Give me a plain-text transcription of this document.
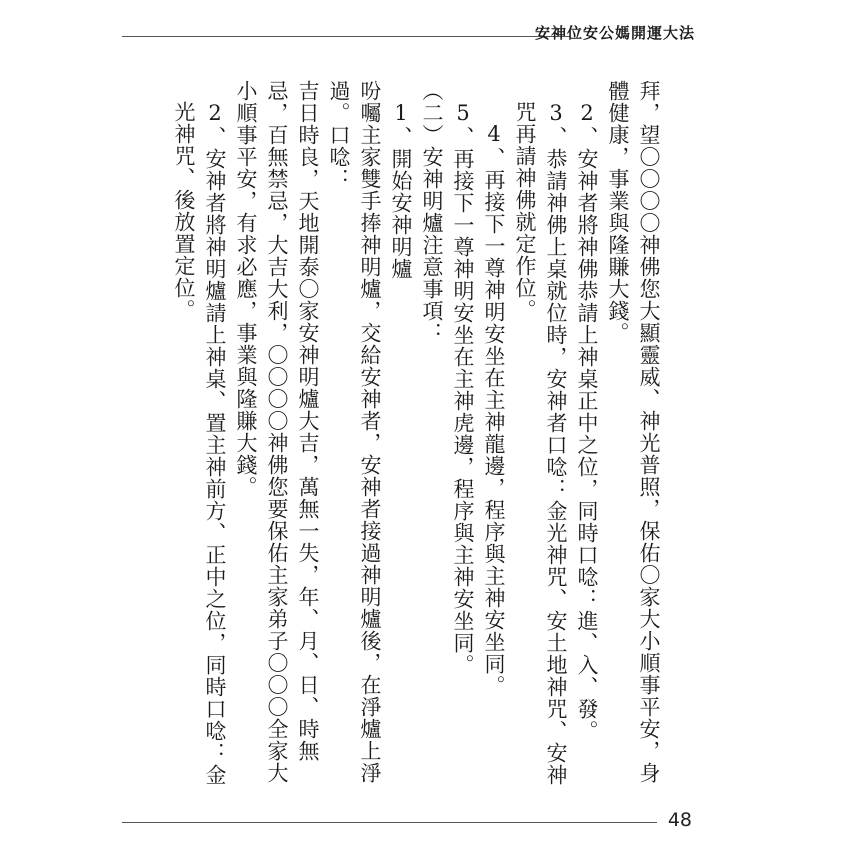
安神位安公媽開運大法

拜，望〇〇〇〇神佛您大顯靈威、神光普照，保佑〇家大小順事平安，身體健康，事業與隆賺大錢。

2、安神者將神佛恭請上神桌正中之位，同時口唸：進、入、發。

3、恭請神佛上桌就位時，安神者口唸：金光神咒、安土地神咒、安神咒再請神佛就定作位。

4、再接下一尊神明安坐在主神龍邊，程序與主神安坐同。

5、再接下一尊神明安坐在主神虎邊，程序與主神安坐同。

（二）安神明爐注意事項：

1、開始安神明爐

吩囑主家雙手捧神明爐，交給安神者，安神者接過神明爐後，在淨爐上淨過。口唸：

吉日時良，天地開泰〇家安神明爐大吉，萬無一失，年、月、日、時無忌，百無禁忌，大吉大利，〇〇〇〇神佛您要保佑主家弟子〇〇〇全家大小順事平安，有求必應，事業與隆賺大錢。

2、安神者將神明爐請上神桌、置主神前方、正中之位，同時口唸：金光神咒、後放置定位。

48
